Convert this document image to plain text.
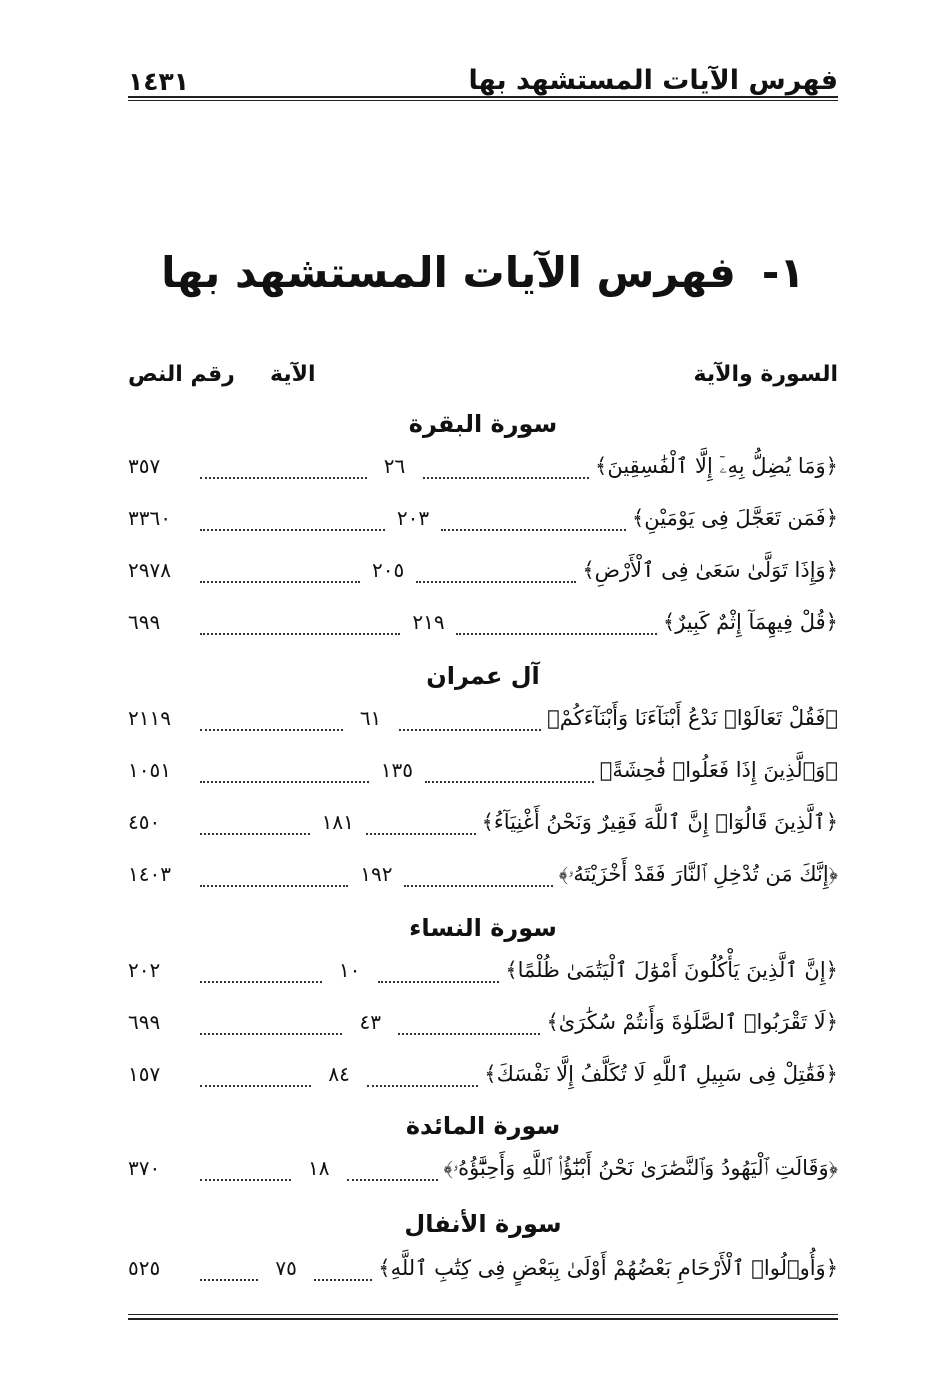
فهرس الآيات المستشهد بها
١٤٣١
١-فهرس الآيات المستشهد بها
السورة والآية
الآية
رقم النص
سورة البقرة
﴿وَمَا يُضِلُّ بِهِۦٓ إِلَّا ٱلْفَٰسِقِينَ﴾
٢٦
٣٥٧
﴿فَمَن تَعَجَّلَ فِى يَوْمَيْنِ﴾
٢٠٣
٣٣٦٠
﴿وَإِذَا تَوَلَّىٰ سَعَىٰ فِى ٱلْأَرْضِ﴾
٢٠٥
٢٩٧٨
﴿قُلْ فِيهِمَآ إِثْمٌ كَبِيرٌ﴾
٢١٩
٦٩٩
آل عمران
﴿فَقُلْ تَعَالَوْا۟ نَدْعُ أَبْنَآءَنَا وَأَبْنَآءَكُمْ﴾
٦١
٢١١٩
﴿وَٱلَّذِينَ إِذَا فَعَلُوا۟ فَٰحِشَةً﴾
١٣٥
١٠٥١
﴿ٱلَّذِينَ قَالُوٓا۟ إِنَّ ٱللَّهَ فَقِيرٌ وَنَحْنُ أَغْنِيَآءُ﴾
١٨١
٤٥٠
﴿إِنَّكَ مَن تُدْخِلِ ٱلنَّارَ فَقَدْ أَخْزَيْتَهُۥ﴾
١٩٢
١٤٠٣
سورة النساء
﴿إِنَّ ٱلَّذِينَ يَأْكُلُونَ أَمْوَٰلَ ٱلْيَتَٰمَىٰ ظُلْمًا﴾
١٠
٢٠٢
﴿لَا تَقْرَبُوا۟ ٱلصَّلَوٰةَ وَأَنتُمْ سُكَٰرَىٰ﴾
٤٣
٦٩٩
﴿فَقَٰتِلْ فِى سَبِيلِ ٱللَّهِ لَا تُكَلَّفُ إِلَّا نَفْسَكَ﴾
٨٤
١٥٧
سورة المائدة
﴿وَقَالَتِ ٱلْيَهُودُ وَٱلنَّصَٰرَىٰ نَحْنُ أَبْنَٰٓؤُا۟ ٱللَّهِ وَأَحِبَّٰٓؤُهُۥ﴾
١٨
٣٧٠
سورة الأنفال
﴿وَأُو۟لُوا۟ ٱلْأَرْحَامِ بَعْضُهُمْ أَوْلَىٰ بِبَعْضٍ فِى كِتَٰبِ ٱللَّهِ﴾
٧٥
٥٢٥
